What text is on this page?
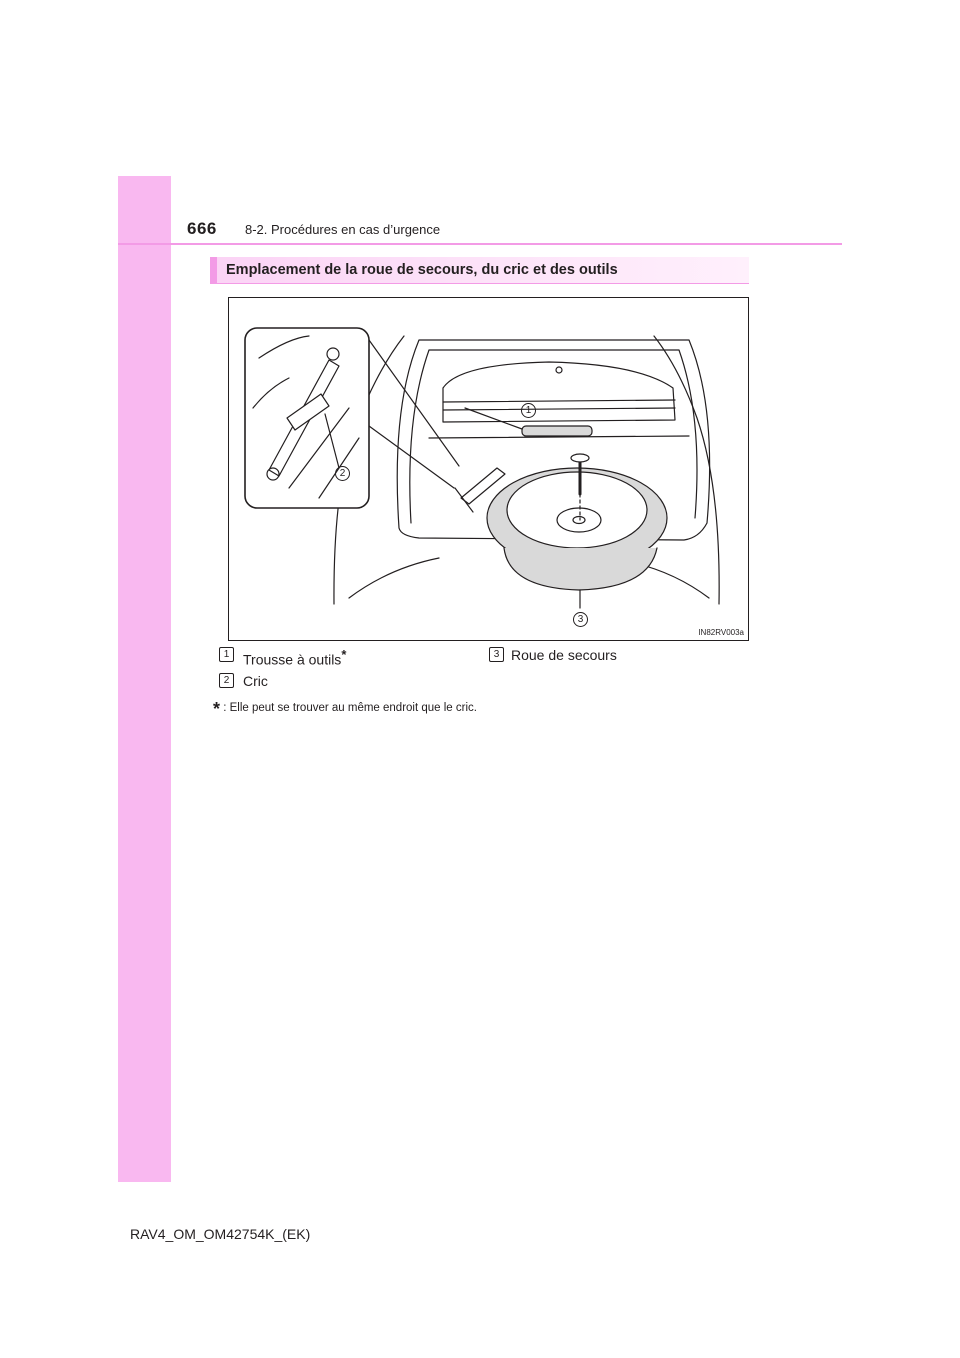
666 8-2. Procédures en cas d’urgence
Emplacement de la roue de secours, du cric et des outils
1
2
3
IN82RV003a
1 Trousse à outils*	3 Roue de secours
2 Cric
* : Elle peut se trouver au même endroit que le cric.
RAV4_OM_OM42754K_(EK)
